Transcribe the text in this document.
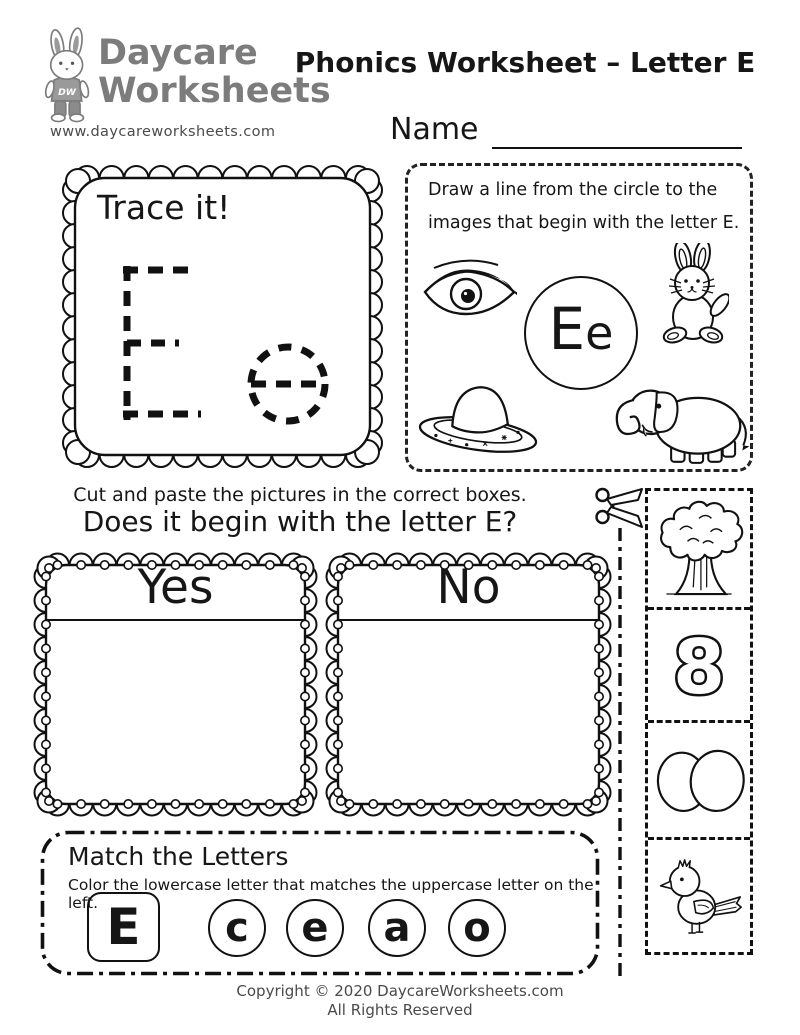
DW
Daycare
Worksheets
www.daycareworksheets.com
Phonics Worksheet – Letter E
Name
Trace it!	Draw a line from the circle to the
images that begin with the letter E.
Ee
Cut and paste the pictures in the correct boxes.
Does it begin with the letter E?
Yes	No
8
Match the Letters
Color the lowercase letter that matches the uppercase letter on the left. E c e a o
Copyright © 2020 DaycareWorksheets.com
All Rights Reserved
